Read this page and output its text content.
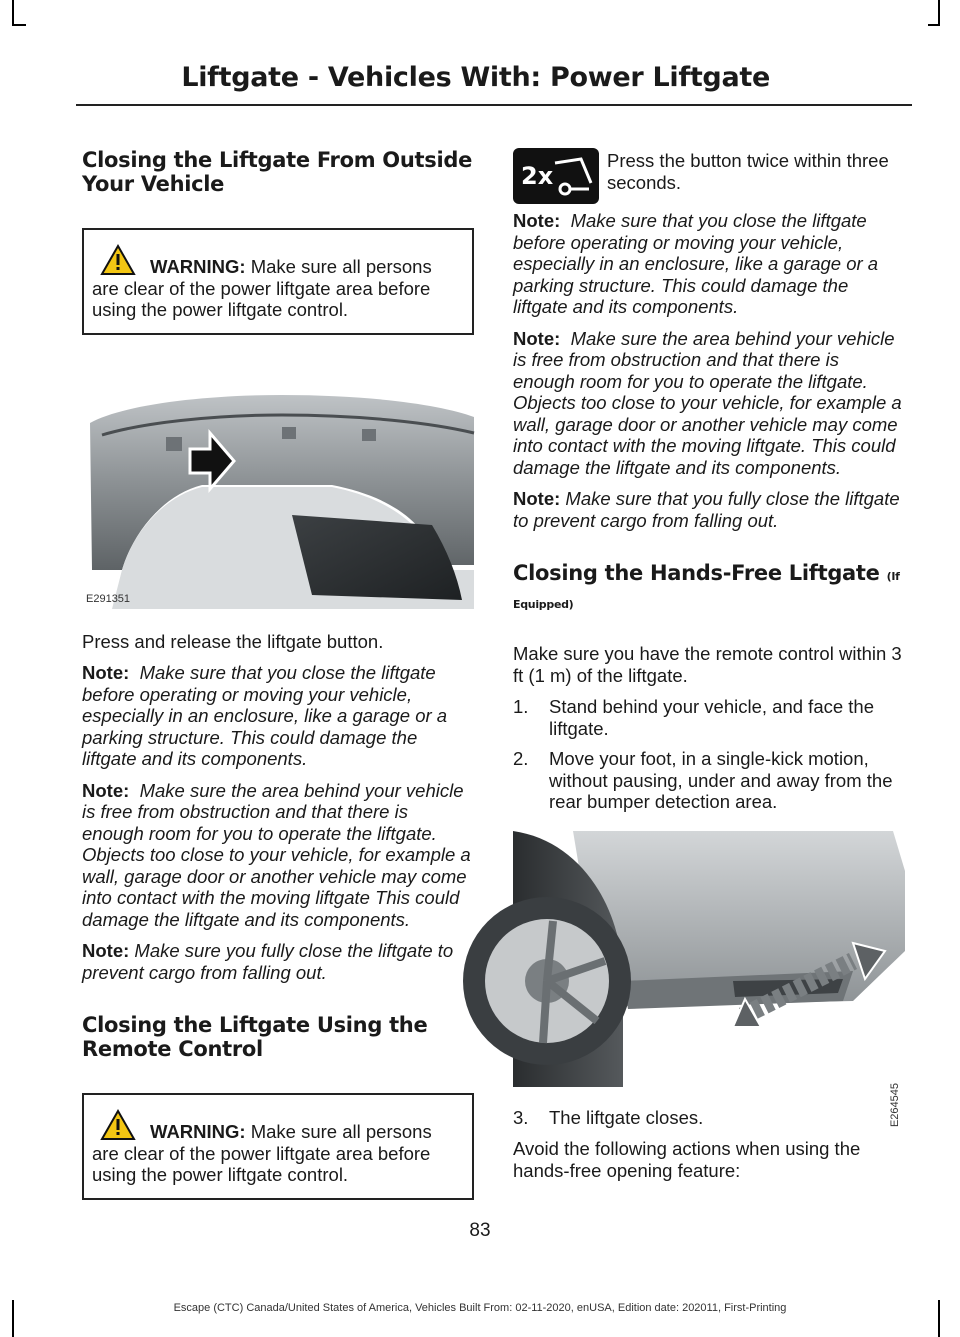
Liftgate - Vehicles With: Power Liftgate
Closing the Liftgate From Outside Your Vehicle
WARNING: Make sure all persons are clear of the power liftgate area before using the power liftgate control.
E291351

Press and release the liftgate button.

Note: Make sure that you close the liftgate before operating or moving your vehicle, especially in an enclosure, like a garage or a parking structure. This could damage the liftgate and its components.

Note: Make sure the area behind your vehicle is free from obstruction and that there is enough room for you to operate the liftgate. Objects too close to your vehicle, for example a wall, garage door or another vehicle may come into contact with the moving liftgate This could damage the liftgate and its components.

Note: Make sure you fully close the liftgate to prevent cargo from falling out.

Closing the Liftgate Using the Remote Control
WARNING: Make sure all persons are clear of the power liftgate area before using the power liftgate control.
2x

Press the button twice within three seconds.

Note: Make sure that you close the liftgate before operating or moving your vehicle, especially in an enclosure, like a garage or a parking structure. This could damage the liftgate and its components.

Note: Make sure the area behind your vehicle is free from obstruction and that there is enough room for you to operate the liftgate. Objects too close to your vehicle, for example a wall, garage door or another vehicle may come into contact with the moving liftgate. This could damage the liftgate and its components.

Note: Make sure that you fully close the liftgate to prevent cargo from falling out.

Closing the Hands-Free Liftgate (If Equipped)

Make sure you have the remote control within 3 ft (1 m) of the liftgate.

1. Stand behind your vehicle, and face the liftgate.
2. Move your foot, in a single-kick motion, without pausing, under and away from the rear bumper detection area.
E264545
3. The liftgate closes.

Avoid the following actions when using the hands-free opening feature:

83
Escape (CTC) Canada/United States of America, Vehicles Built From: 02-11-2020, enUSA, Edition date: 202011, First-Printing
